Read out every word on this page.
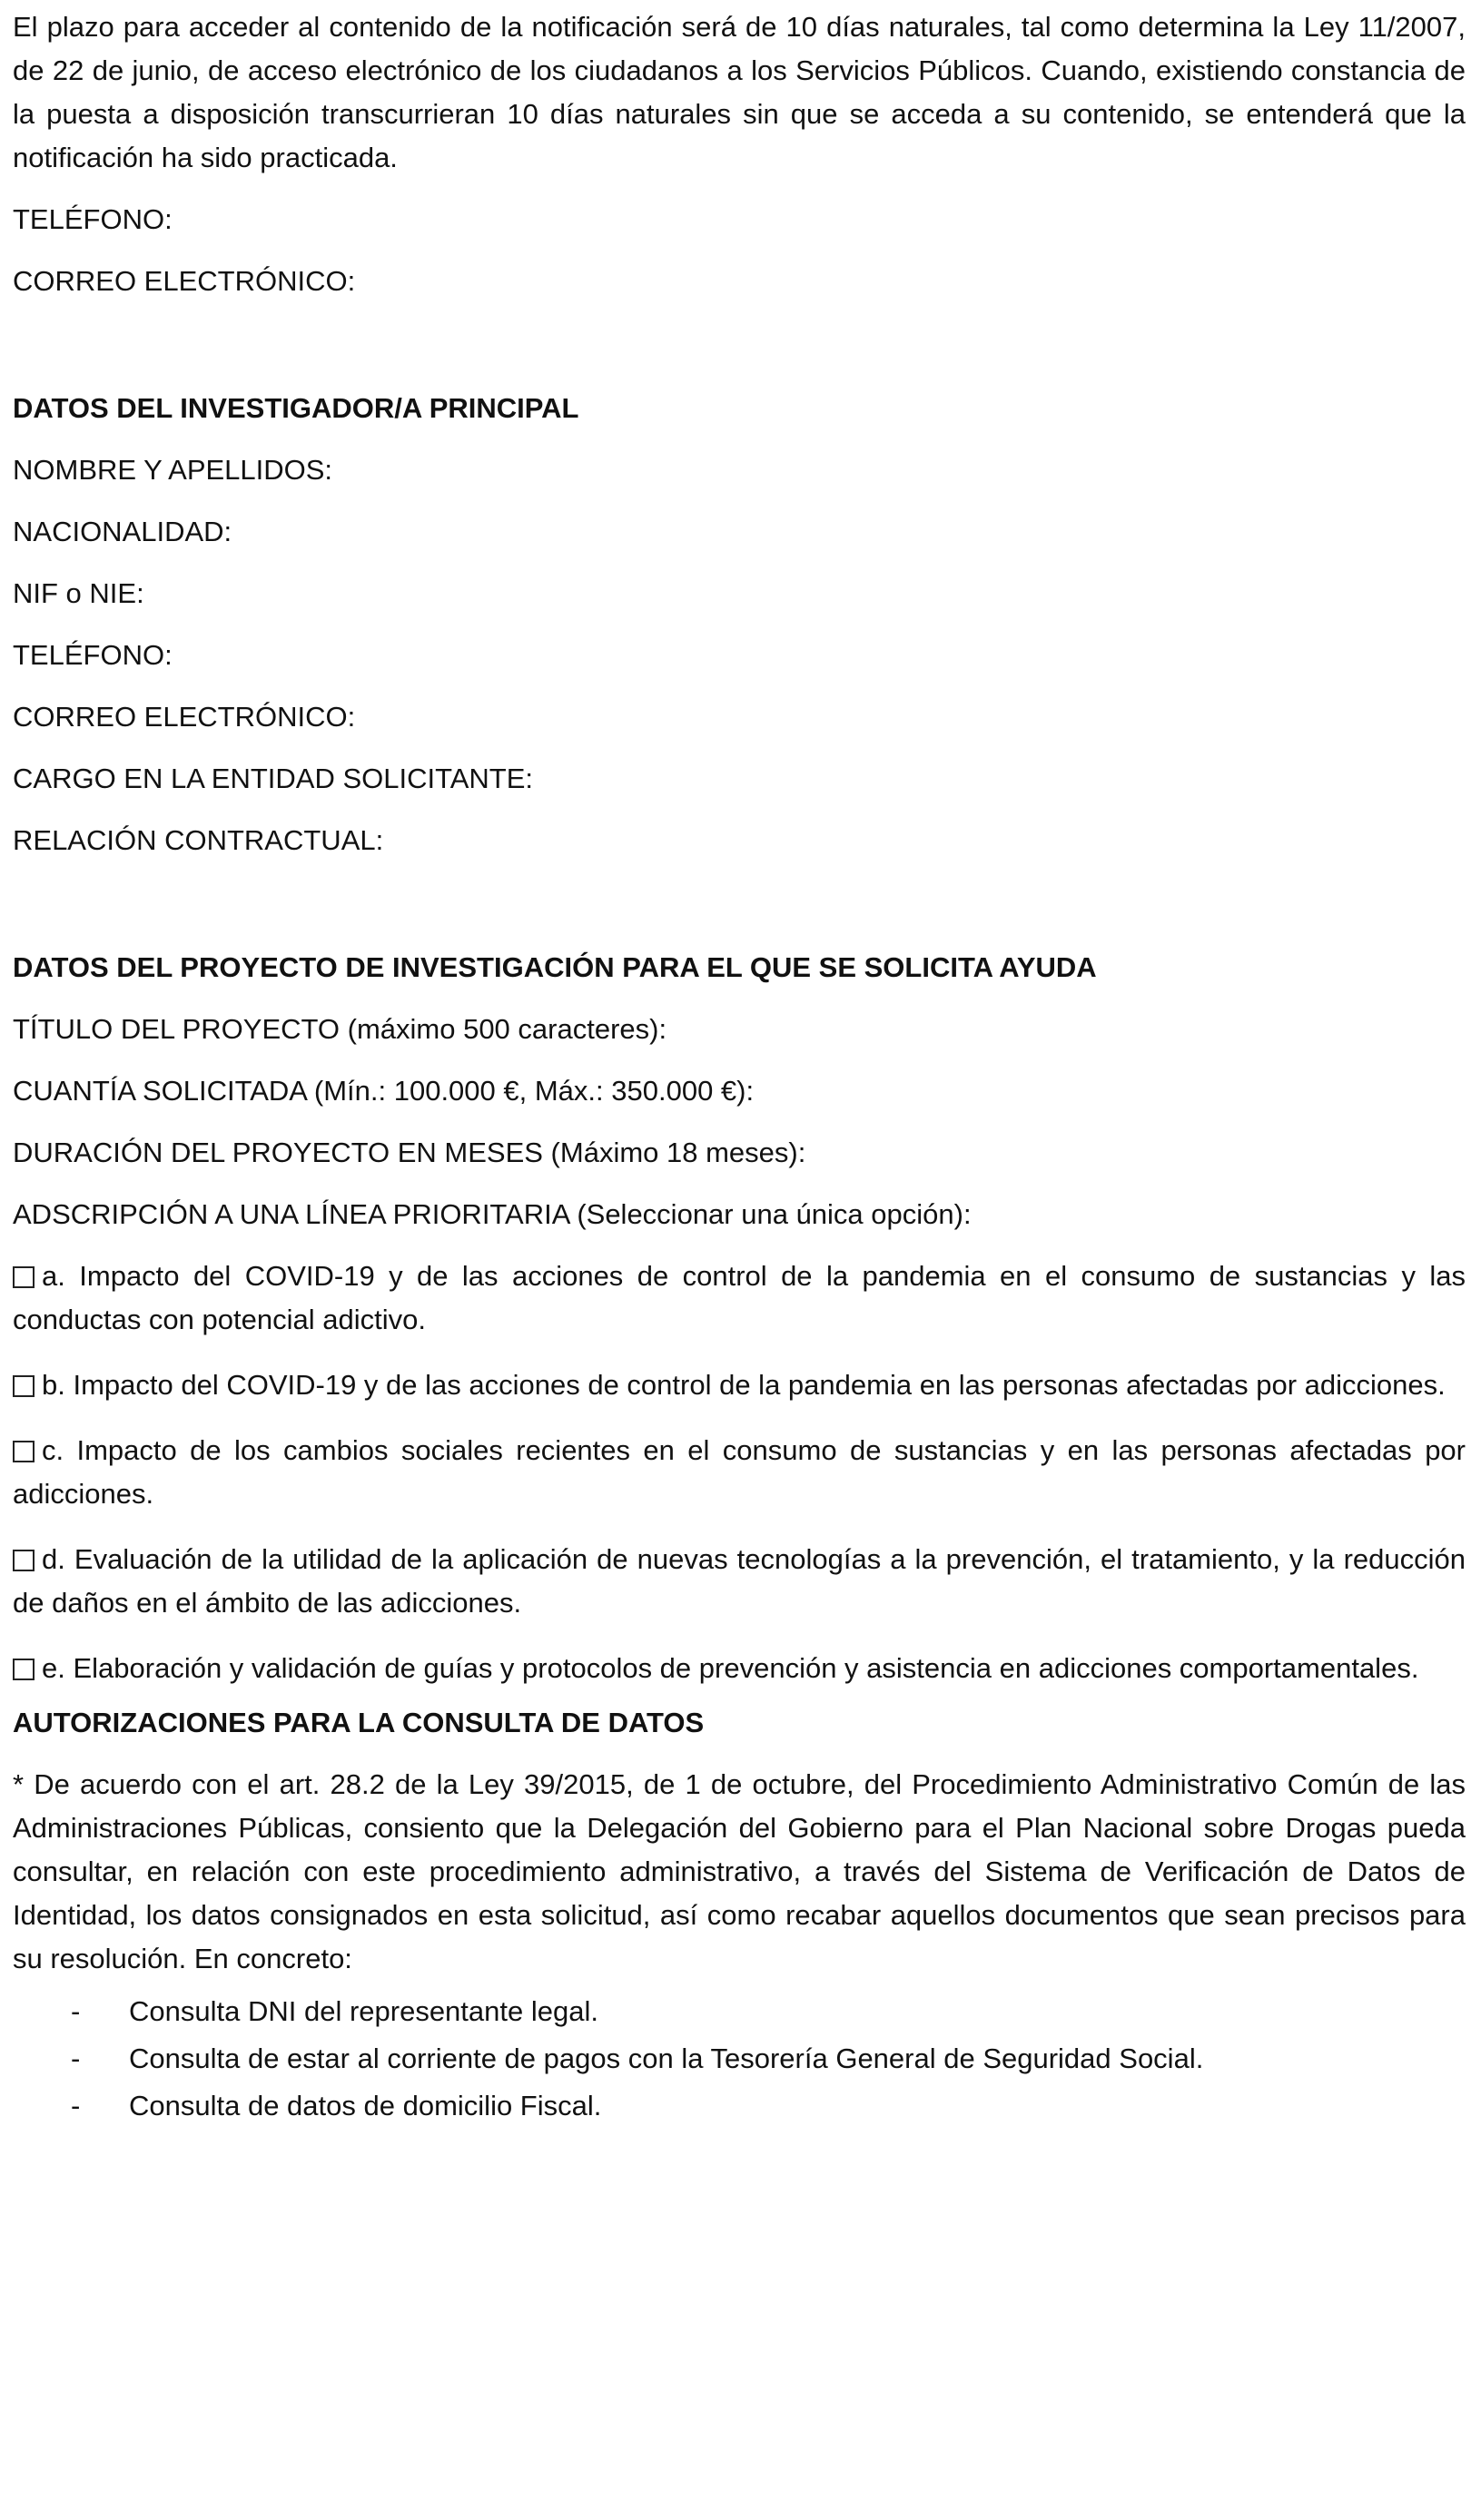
El plazo para acceder al contenido de la notificación será de 10 días naturales, tal como determina la Ley 11/2007, de 22 de junio, de acceso electrónico de los ciudadanos a los Servicios Públicos. Cuando, existiendo constancia de la puesta a disposición transcurrieran 10 días naturales sin que se acceda a su contenido, se entenderá que la notificación ha sido practicada.

TELÉFONO:

CORREO ELECTRÓNICO:

DATOS DEL INVESTIGADOR/A PRINCIPAL

NOMBRE Y APELLIDOS:

NACIONALIDAD:

NIF o NIE:

TELÉFONO:

CORREO ELECTRÓNICO:

CARGO EN LA ENTIDAD SOLICITANTE:

RELACIÓN CONTRACTUAL:

DATOS DEL PROYECTO DE INVESTIGACIÓN PARA EL QUE SE SOLICITA AYUDA

TÍTULO DEL PROYECTO (máximo 500 caracteres):

CUANTÍA SOLICITADA (Mín.: 100.000 €, Máx.: 350.000 €):

DURACIÓN DEL PROYECTO EN MESES (Máximo 18 meses):

ADSCRIPCIÓN A UNA LÍNEA PRIORITARIA (Seleccionar una única opción):

a. Impacto del COVID-19 y de las acciones de control de la pandemia en el consumo de sustancias y las conductas con potencial adictivo.
b. Impacto del COVID-19 y de las acciones de control de la pandemia en las personas afectadas por adicciones.
c. Impacto de los cambios sociales recientes en el consumo de sustancias y en las personas afectadas por adicciones.
d. Evaluación de la utilidad de la aplicación de nuevas tecnologías a la prevención, el tratamiento, y la reducción de daños en el ámbito de las adicciones.
e. Elaboración y validación de guías y protocolos de prevención y asistencia en adicciones comportamentales.

AUTORIZACIONES PARA LA CONSULTA DE DATOS

* De acuerdo con el art. 28.2 de la Ley 39/2015, de 1 de octubre, del Procedimiento Administrativo Común de las Administraciones Públicas, consiento que la Delegación del Gobierno para el Plan Nacional sobre Drogas pueda consultar, en relación con este procedimiento administrativo, a través del Sistema de Verificación de Datos de Identidad, los datos consignados en esta solicitud, así como recabar aquellos documentos que sean precisos para su resolución. En concreto:

- Consulta DNI del representante legal.
- Consulta de estar al corriente de pagos con la Tesorería General de Seguridad Social.
- Consulta de datos de domicilio Fiscal.
